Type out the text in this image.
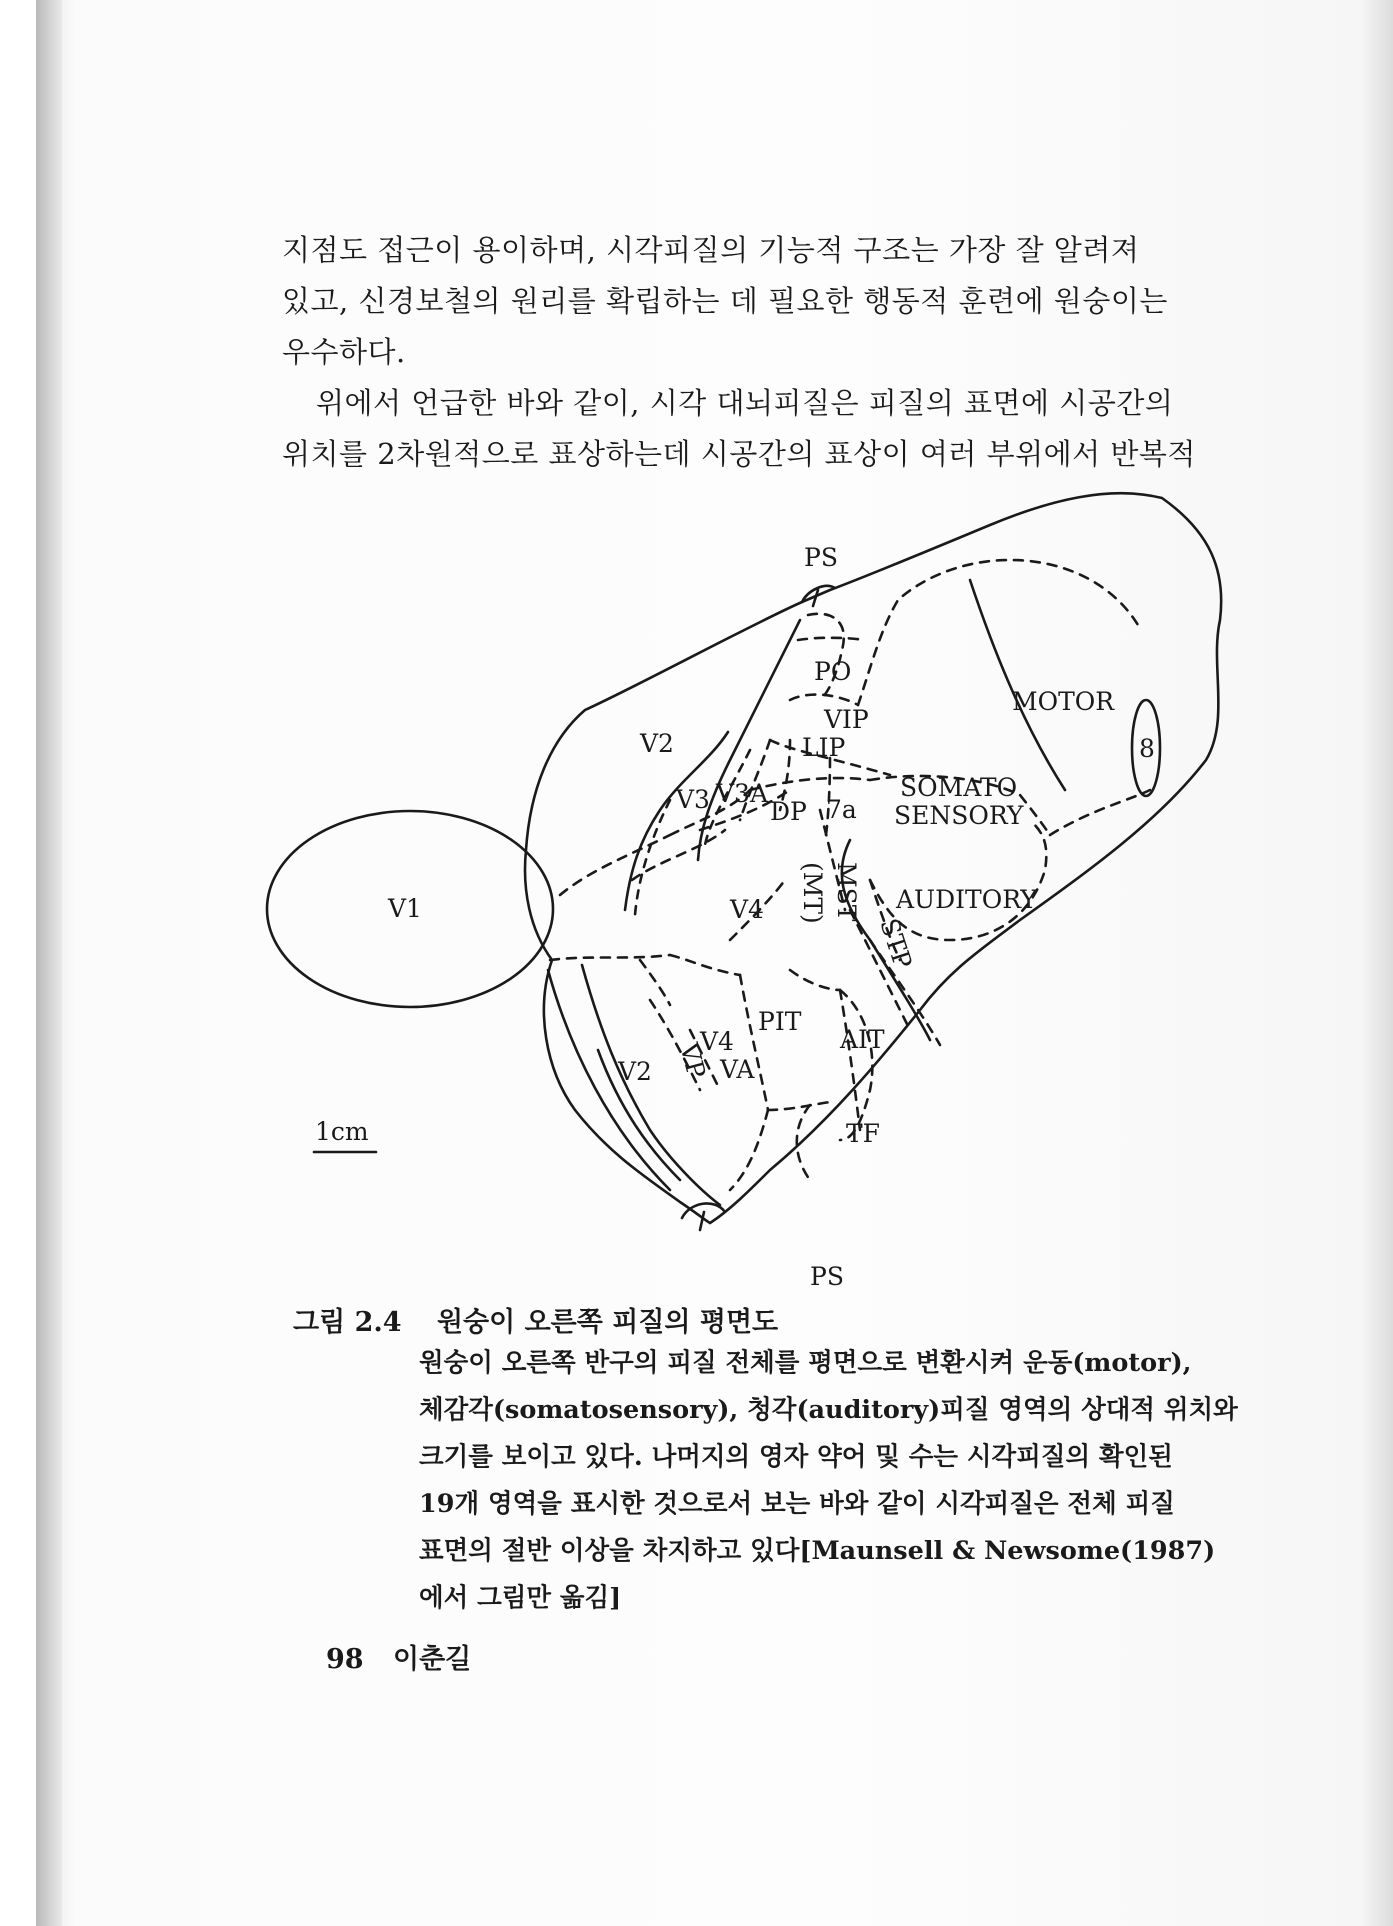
지점도 접근이 용이하며, 시각피질의 기능적 구조는 가장 잘 알려져
있고, 신경보철의 원리를 확립하는 데 필요한 행동적 훈련에 원숭이는
우수하다.
위에서 언급한 바와 같이, 시각 대뇌피질은 피질의 표면에 시공간의
위치를 2차원적으로 표상하는데 시공간의 표상이 여러 부위에서 반복적
PS
PS
V1
V2
V2
V3 V3A
PO
VIP
LIP
DP 7a
SOMATO
SENSORY
MOTOR
8
V4 (MT) MST AUDITORY
STP
PIT
V4
VP VA
AIT
TF
1cm
그림 2.4 원숭이 오른쪽 피질의 평면도
원숭이 오른쪽 반구의 피질 전체를 평면으로 변환시켜 운동(motor),
체감각(somatosensory), 청각(auditory)피질 영역의 상대적 위치와
크기를 보이고 있다. 나머지의 영자 약어 및 수는 시각피질의 확인된
19개 영역을 표시한 것으로서 보는 바와 같이 시각피질은 전체 피질
표면의 절반 이상을 차지하고 있다[Maunsell & Newsome(1987)
에서 그림만 옮김]
98 이춘길
